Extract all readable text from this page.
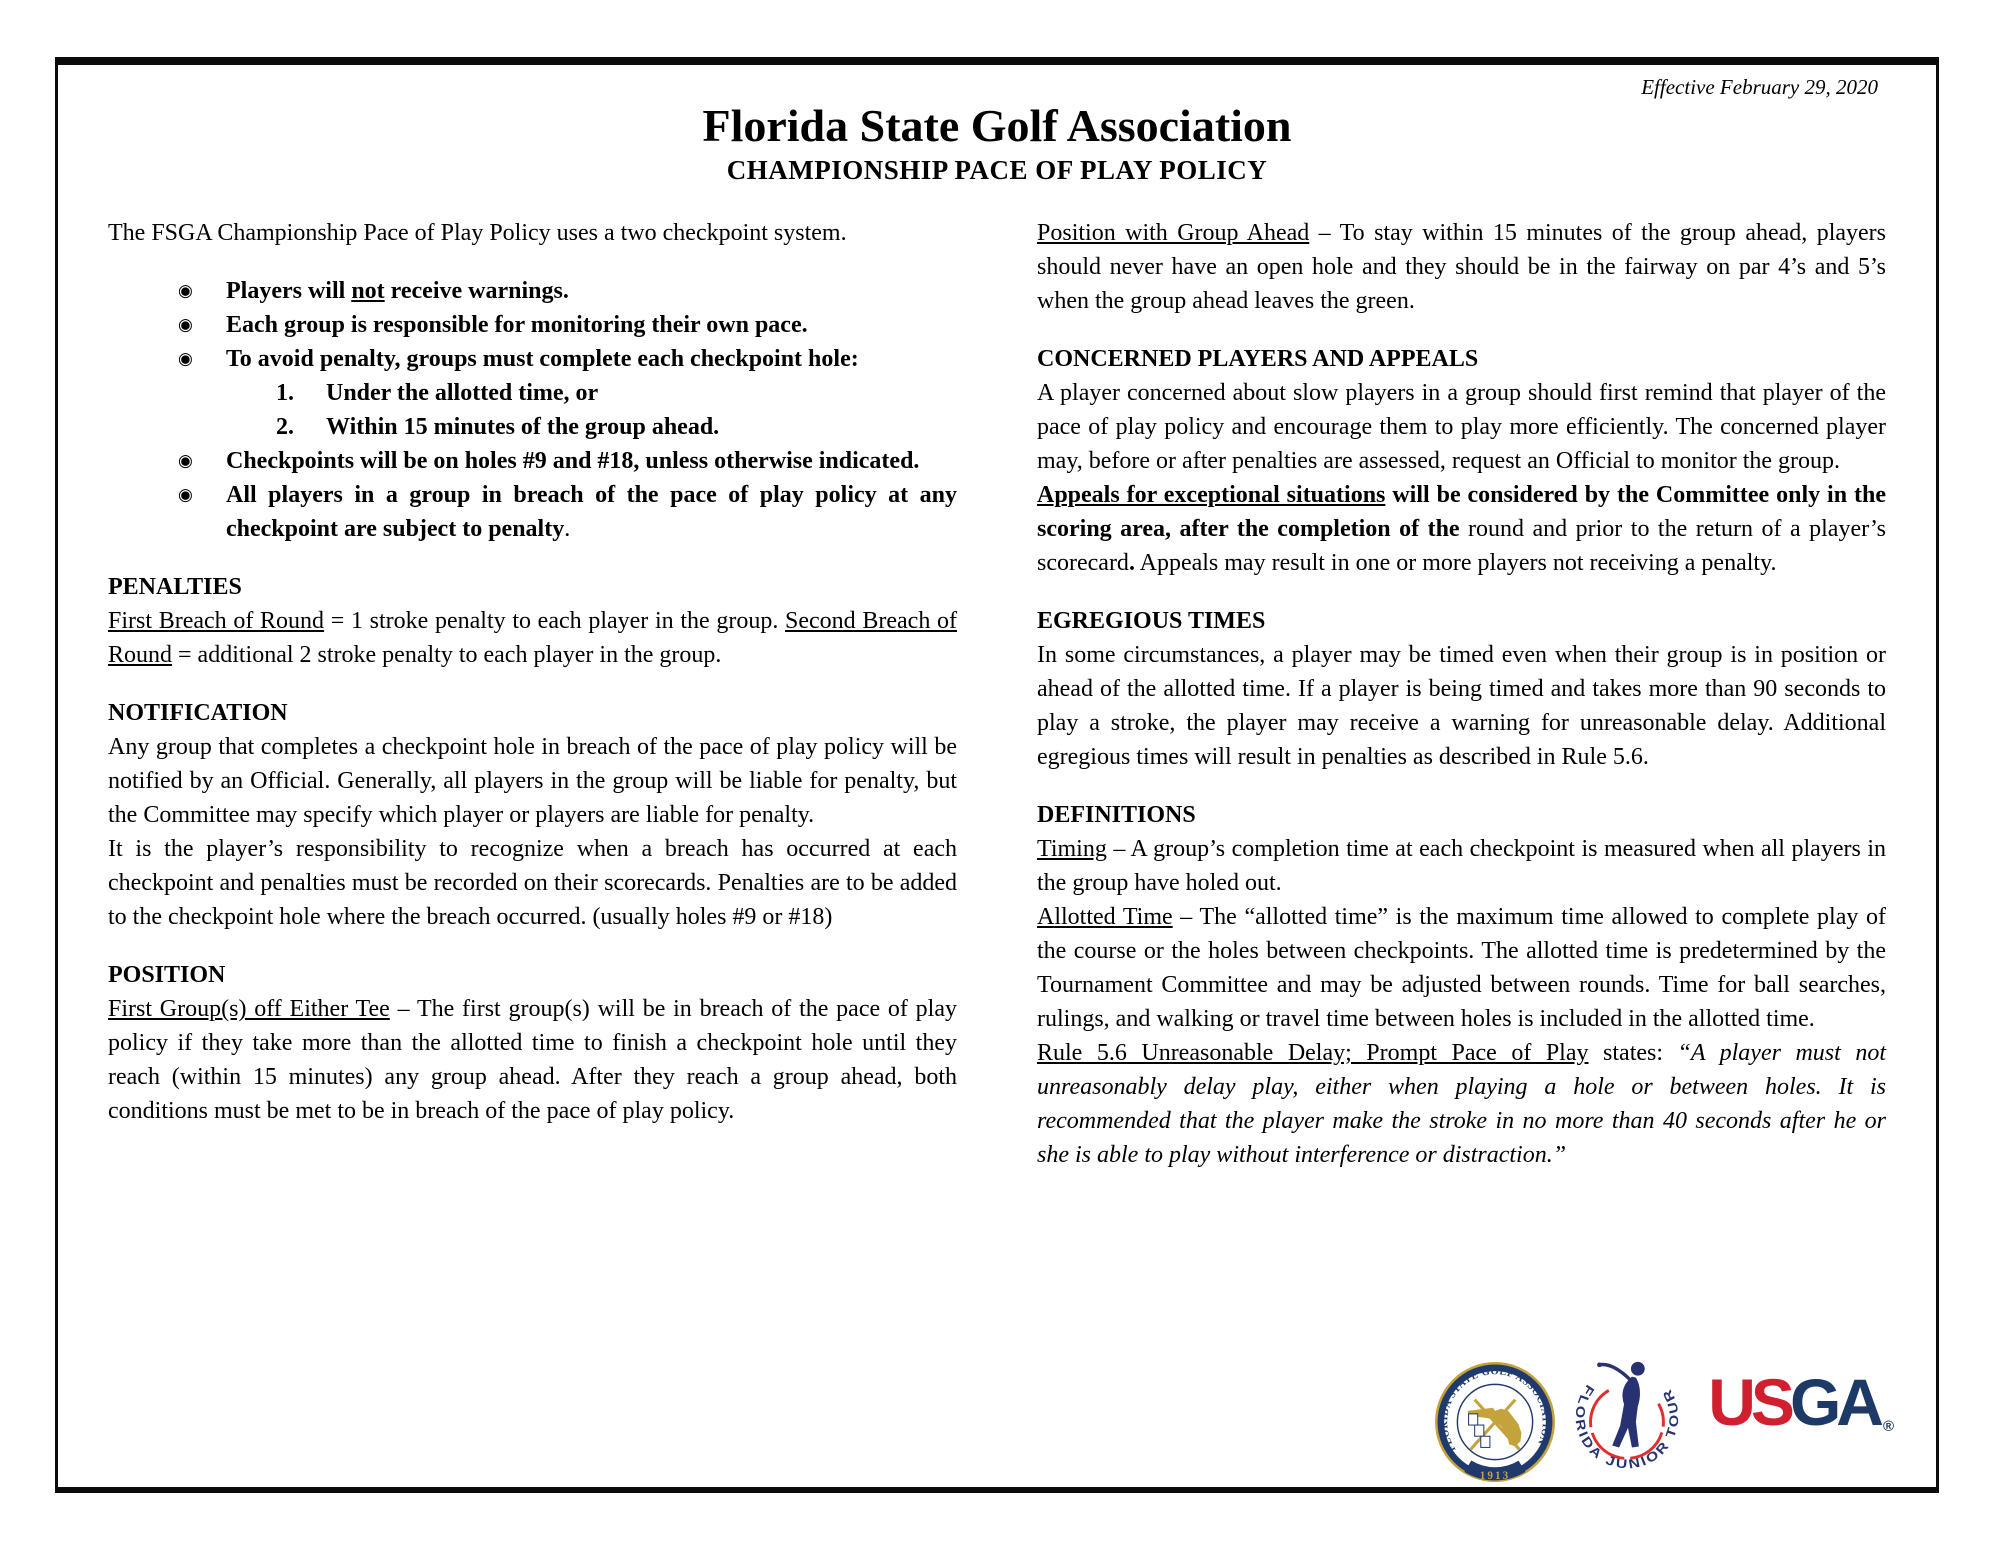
Effective February 29, 2020
Florida State Golf Association
CHAMPIONSHIP PACE OF PLAY POLICY

The FSGA Championship Pace of Play Policy uses a two checkpoint system.

◉ Players will not receive warnings.
◉ Each group is responsible for monitoring their own pace.
◉ To avoid penalty, groups must complete each checkpoint hole:
1. Under the allotted time, or
2. Within 15 minutes of the group ahead.
◉ Checkpoints will be on holes #9 and #18, unless otherwise indicated.
◉ All players in a group in breach of the pace of play policy at any checkpoint are subject to penalty.
PENALTIES

First Breach of Round = 1 stroke penalty to each player in the group. Second Breach of Round = additional 2 stroke penalty to each player in the group.

NOTIFICATION

Any group that completes a checkpoint hole in breach of the pace of play policy will be notified by an Official. Generally, all players in the group will be liable for penalty, but the Committee may specify which player or players are liable for penalty.

It is the player’s responsibility to recognize when a breach has occurred at each checkpoint and penalties must be recorded on their scorecards. Penalties are to be added to the checkpoint hole where the breach occurred. (usually holes #9 or #18)

POSITION

First Group(s) off Either Tee – The first group(s) will be in breach of the pace of play policy if they take more than the allotted time to finish a checkpoint hole until they reach (within 15 minutes) any group ahead. After they reach a group ahead, both conditions must be met to be in breach of the pace of play policy.

Position with Group Ahead – To stay within 15 minutes of the group ahead, players should never have an open hole and they should be in the fairway on par 4’s and 5’s when the group ahead leaves the green.

CONCERNED PLAYERS AND APPEALS

A player concerned about slow players in a group should first remind that player of the pace of play policy and encourage them to play more efficiently. The concerned player may, before or after penalties are assessed, request an Official to monitor the group.

Appeals for exceptional situations will be considered by the Committee only in the scoring area, after the completion of the round and prior to the return of a player’s scorecard. Appeals may result in one or more players not receiving a penalty.

EGREGIOUS TIMES

In some circumstances, a player may be timed even when their group is in position or ahead of the allotted time. If a player is being timed and takes more than 90 seconds to play a stroke, the player may receive a warning for unreasonable delay. Additional egregious times will result in penalties as described in Rule 5.6.

DEFINITIONS

Timing – A group’s completion time at each checkpoint is measured when all players in the group have holed out.

Allotted Time – The “allotted time” is the maximum time allowed to complete play of the course or the holes between checkpoints. The allotted time is predetermined by the Tournament Committee and may be adjusted between rounds. Time for ball searches, rulings, and walking or travel time between holes is included in the allotted time.

Rule 5.6 Unreasonable Delay; Prompt Pace of Play states: “A player must not unreasonably delay play, either when playing a hole or between holes. It is recommended that the player make the stroke in no more than 40 seconds after he or she is able to play without interference or distraction.”

FLORIDA STATE GOLF ASSOCIATION
1913
FLORIDA JUNIOR TOUR USGA ®
